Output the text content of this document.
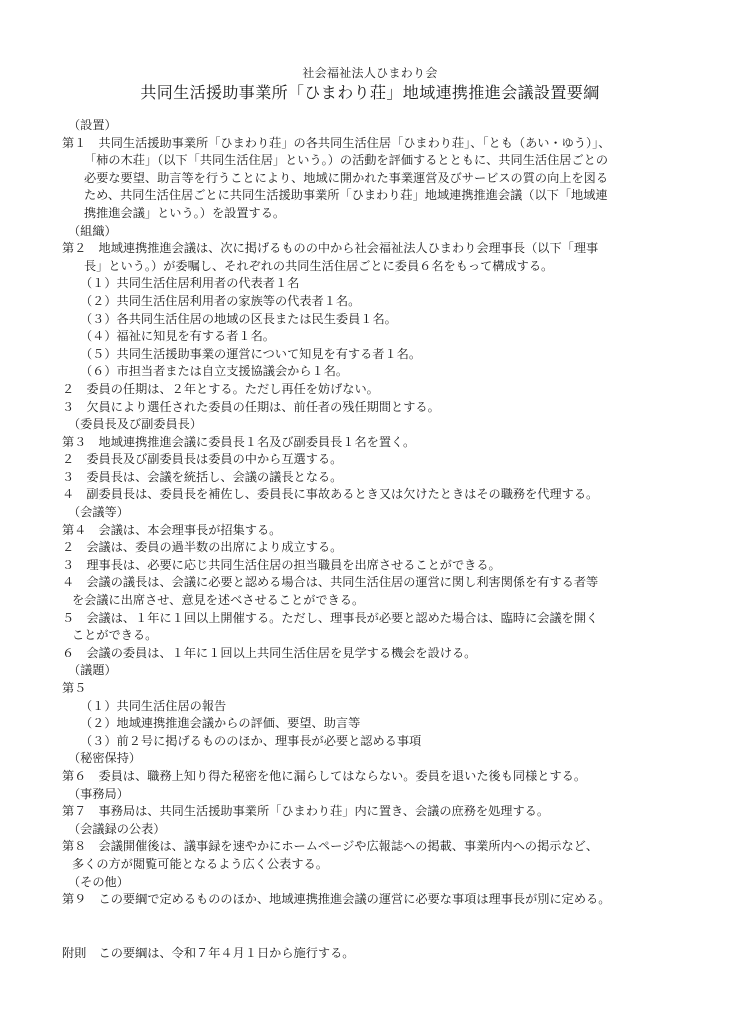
社会福祉法人ひまわり会
共同生活援助事業所「ひまわり荘」地域連携推進会議設置要綱
（設置）
第１　共同生活援助事業所「ひまわり荘」の各共同生活住居「ひまわり荘」、「とも（あい・ゆう）」、
「柿の木荘」（以下「共同生活住居」という。）の活動を評価するとともに、共同生活住居ごとの
必要な要望、助言等を行うことにより、地域に開かれた事業運営及びサービスの質の向上を図る
ため、共同生活住居ごとに共同生活援助事業所「ひまわり荘」地域連携推進会議（以下「地域連
携推進会議」という。）を設置する。
（組織）
第２　地域連携推進会議は、次に掲げるものの中から社会福祉法人ひまわり会理事長（以下「理事
長」という。）が委嘱し、それぞれの共同生活住居ごとに委員６名をもって構成する。
（１）共同生活住居利用者の代表者１名
（２）共同生活住居利用者の家族等の代表者１名。
（３）各共同生活住居の地域の区長または民生委員１名。
（４）福祉に知見を有する者１名。
（５）共同生活援助事業の運営について知見を有する者１名。
（６）市担当者または自立支援協議会から１名。
２　委員の任期は、２年とする。ただし再任を妨げない。
３　欠員により選任された委員の任期は、前任者の残任期間とする。
（委員長及び副委員長）
第３　地域連携推進会議に委員長１名及び副委員長１名を置く。
２　委員長及び副委員長は委員の中から互選する。
３　委員長は、会議を統括し、会議の議長となる。
４　副委員長は、委員長を補佐し、委員長に事故あるとき又は欠けたときはその職務を代理する。
（会議等）
第４　会議は、本会理事長が招集する。
２　会議は、委員の過半数の出席により成立する。
３　理事長は、必要に応じ共同生活住居の担当職員を出席させることができる。
４　会議の議長は、会議に必要と認める場合は、共同生活住居の運営に関し利害関係を有する者等
を会議に出席させ、意見を述べさせることができる。
５　会議は、１年に１回以上開催する。ただし、理事長が必要と認めた場合は、臨時に会議を開く
ことができる。
６　会議の委員は、１年に１回以上共同生活住居を見学する機会を設ける。
（議題）
第５
（１）共同生活住居の報告
（２）地域連携推進会議からの評価、要望、助言等
（３）前２号に掲げるもののほか、理事長が必要と認める事項
（秘密保持）
第６　委員は、職務上知り得た秘密を他に漏らしてはならない。委員を退いた後も同様とする。
（事務局）
第７　事務局は、共同生活援助事業所「ひまわり荘」内に置き、会議の庶務を処理する。
（会議録の公表）
第８　会議開催後は、議事録を速やかにホームページや広報誌への掲載、事業所内への掲示など、
多くの方が閲覧可能となるよう広く公表する。
（その他）
第９　この要綱で定めるもののほか、地域連携推進会議の運営に必要な事項は理事長が別に定める。
附則　この要綱は、令和７年４月１日から施行する。
